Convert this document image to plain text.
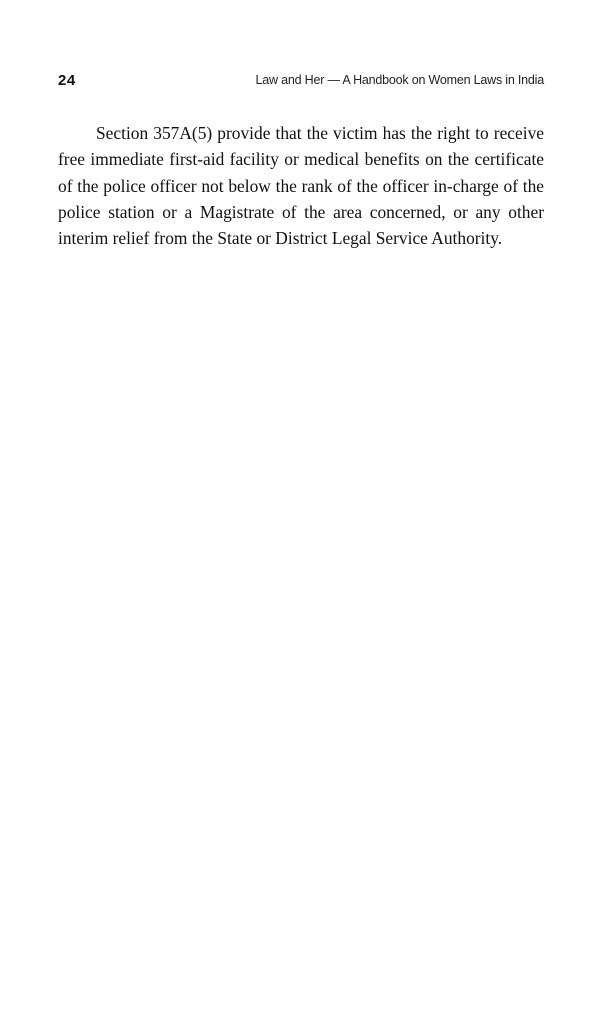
24	Law and Her — A Handbook on Women Laws in India

Section 357A(5) provide that the victim has the right to receive free immediate first-aid facility or medical benefits on the certificate of the police officer not below the rank of the officer in-charge of the police station or a Magistrate of the area concerned, or any other interim relief from the State or District Legal Service Authority.
